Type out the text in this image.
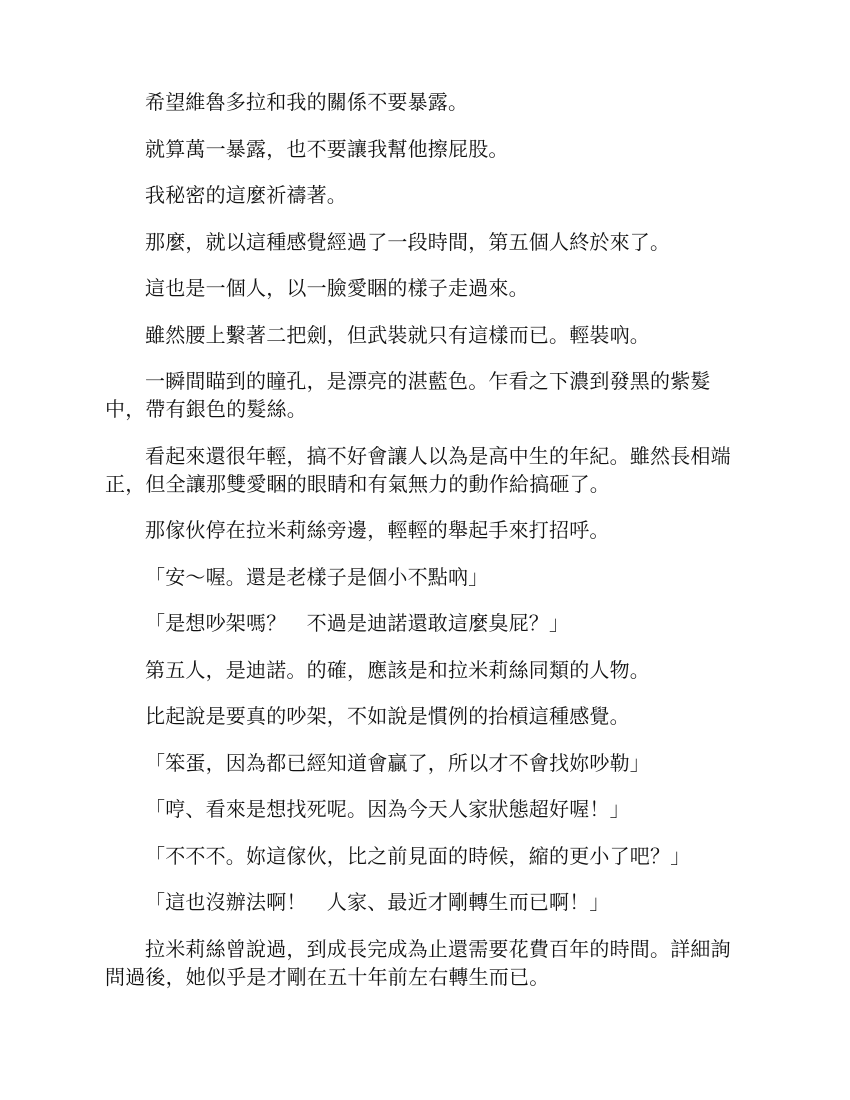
希望維魯多拉和我的關係不要暴露。

就算萬一暴露，也不要讓我幫他擦屁股。

我秘密的這麼祈禱著。

那麼，就以這種感覺經過了一段時間，第五個人終於來了。

這也是一個人，以一臉愛睏的樣子走過來。

雖然腰上繫著二把劍，但武裝就只有這樣而已。輕裝吶。

一瞬間瞄到的瞳孔，是漂亮的湛藍色。乍看之下濃到發黑的紫髮中，帶有銀色的髮絲。

看起來還很年輕，搞不好會讓人以為是高中生的年紀。雖然長相端正，但全讓那雙愛睏的眼睛和有氣無力的動作給搞砸了。

那傢伙停在拉米莉絲旁邊，輕輕的舉起手來打招呼。

「安～喔。還是老樣子是個小不點吶」

「是想吵架嗎？　不過是迪諾還敢這麼臭屁？」

第五人，是迪諾。的確，應該是和拉米莉絲同類的人物。

比起說是要真的吵架，不如說是慣例的抬槓這種感覺。

「笨蛋，因為都已經知道會贏了，所以才不會找妳吵勒」

「哼、看來是想找死呢。因為今天人家狀態超好喔！」

「不不不。妳這傢伙，比之前見面的時候，縮的更小了吧？」

「這也沒辦法啊！　人家、最近才剛轉生而已啊！」

拉米莉絲曾說過，到成長完成為止還需要花費百年的時間。詳細詢問過後，她似乎是才剛在五十年前左右轉生而已。
